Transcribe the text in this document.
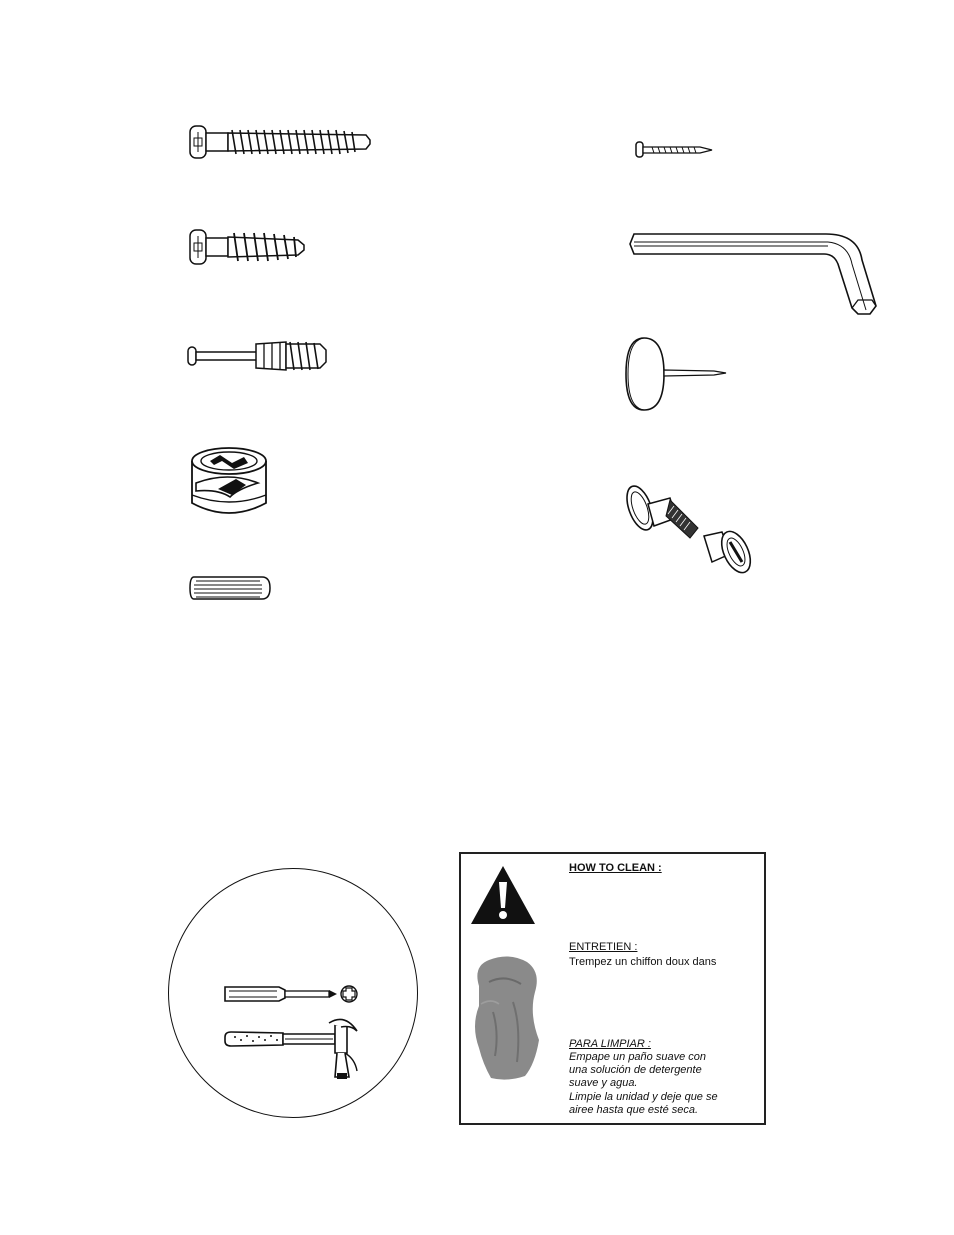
HOW TO CLEAN :
ENTRETIEN :
Trempez un chiffon doux dans
PARA LIMPIAR :
Empape un paño suave con
una solución de detergente
suave y agua.
Limpie la unidad y deje que se
airee hasta que esté seca.
